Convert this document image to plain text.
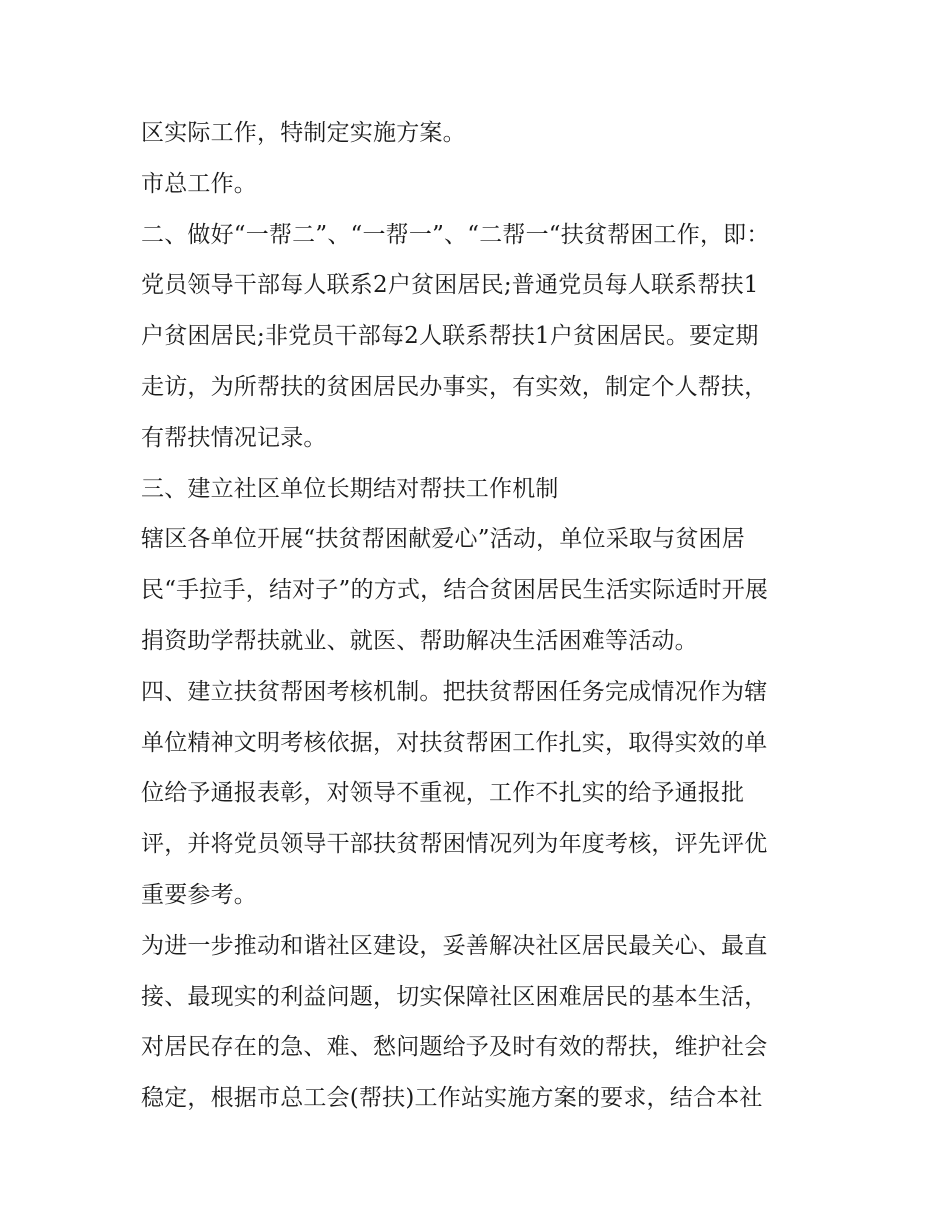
区实际工作，特制定实施方案。
市总工作。
二、做好“一帮二”、“一帮一”、“二帮一“扶贫帮困工作，即：
党员领导干部每人联系2户贫困居民;普通党员每人联系帮扶1
户贫困居民;非党员干部每2人联系帮扶1户贫困居民。要定期
走访，为所帮扶的贫困居民办事实，有实效，制定个人帮扶，
有帮扶情况记录。
三、建立社区单位长期结对帮扶工作机制
辖区各单位开展“扶贫帮困献爱心”活动，单位采取与贫困居
民“手拉手，结对子”的方式，结合贫困居民生活实际适时开展
捐资助学帮扶就业、就医、帮助解决生活困难等活动。
四、建立扶贫帮困考核机制。把扶贫帮困任务完成情况作为辖
单位精神文明考核依据，对扶贫帮困工作扎实，取得实效的单
位给予通报表彰，对领导不重视，工作不扎实的给予通报批
评，并将党员领导干部扶贫帮困情况列为年度考核，评先评优
重要参考。
为进一步推动和谐社区建设，妥善解决社区居民最关心、最直
接、最现实的利益问题，切实保障社区困难居民的基本生活，
对居民存在的急、难、愁问题给予及时有效的帮扶，维护社会
稳定，根据市总工会(帮扶)工作站实施方案的要求，结合本社
